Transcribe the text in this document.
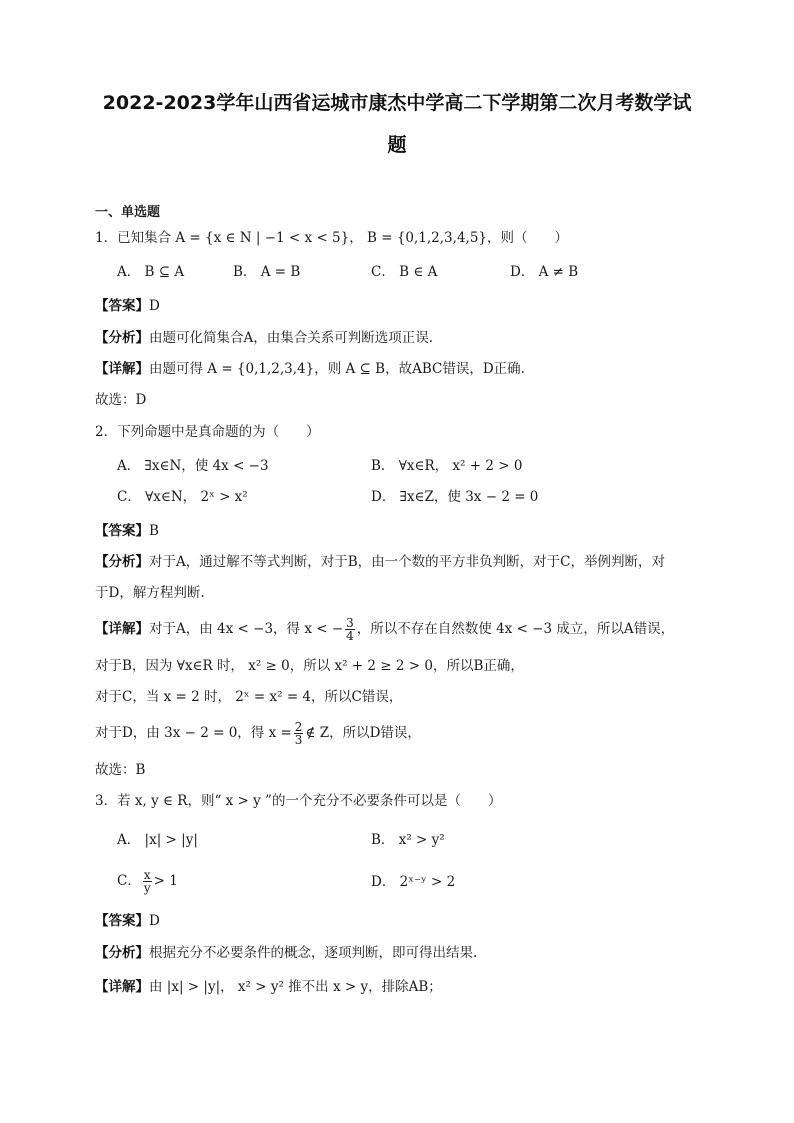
2022-2023学年山西省运城市康杰中学高二下学期第二次月考数学试
题
一、单选题
1．已知集合 A = {x ∈ N | −1 < x < 5}， B = {0,1,2,3,4,5}，则（　　）
A． B ⊆ A	B． A = B	C． B ∈ A	D． A ≠ B
【答案】D
【分析】由题可化简集合A，由集合关系可判断选项正误.
【详解】由题可得 A = {0,1,2,3,4}，则 A ⊆ B，故ABC错误，D正确.
故选：D
2．下列命题中是真命题的为（　　）
A． ∃x∈N，使 4x < −3	B． ∀x∈R， x² + 2 > 0
C． ∀x∈N， 2ˣ > x²	D． ∃x∈Z，使 3x − 2 = 0
【答案】B
【分析】对于A，通过解不等式判断，对于B，由一个数的平方非负判断，对于C，举例判断，对
于D，解方程判断.
【详解】对于A，由 4x < −3，得 x < − $\frac{3}{4}$ ，所以不存在自然数使 4x < −3 成立，所以A错误，
对于B，因为 ∀x∈R 时， x² ≥ 0，所以 x² + 2 ≥ 2 > 0，所以B正确，
对于C，当 x = 2 时， 2ˣ = x² = 4，所以C错误，
对于D，由 3x − 2 = 0，得 $x = \frac{2}{3}$ ∉ Z，所以D错误，
故选：B
3．若 x, y ∈ R，则“ x > y ”的一个充分不必要条件可以是（　　）
A． |x| > |y|	B． x² > y²
C． $\frac{x}{y} > 1$	D． 2ˣ⁻ʸ > 2
【答案】D
【分析】根据充分不必要条件的概念，逐项判断，即可得出结果.
【详解】由 |x| > |y|， x² > y² 推不出 x > y，排除AB；
